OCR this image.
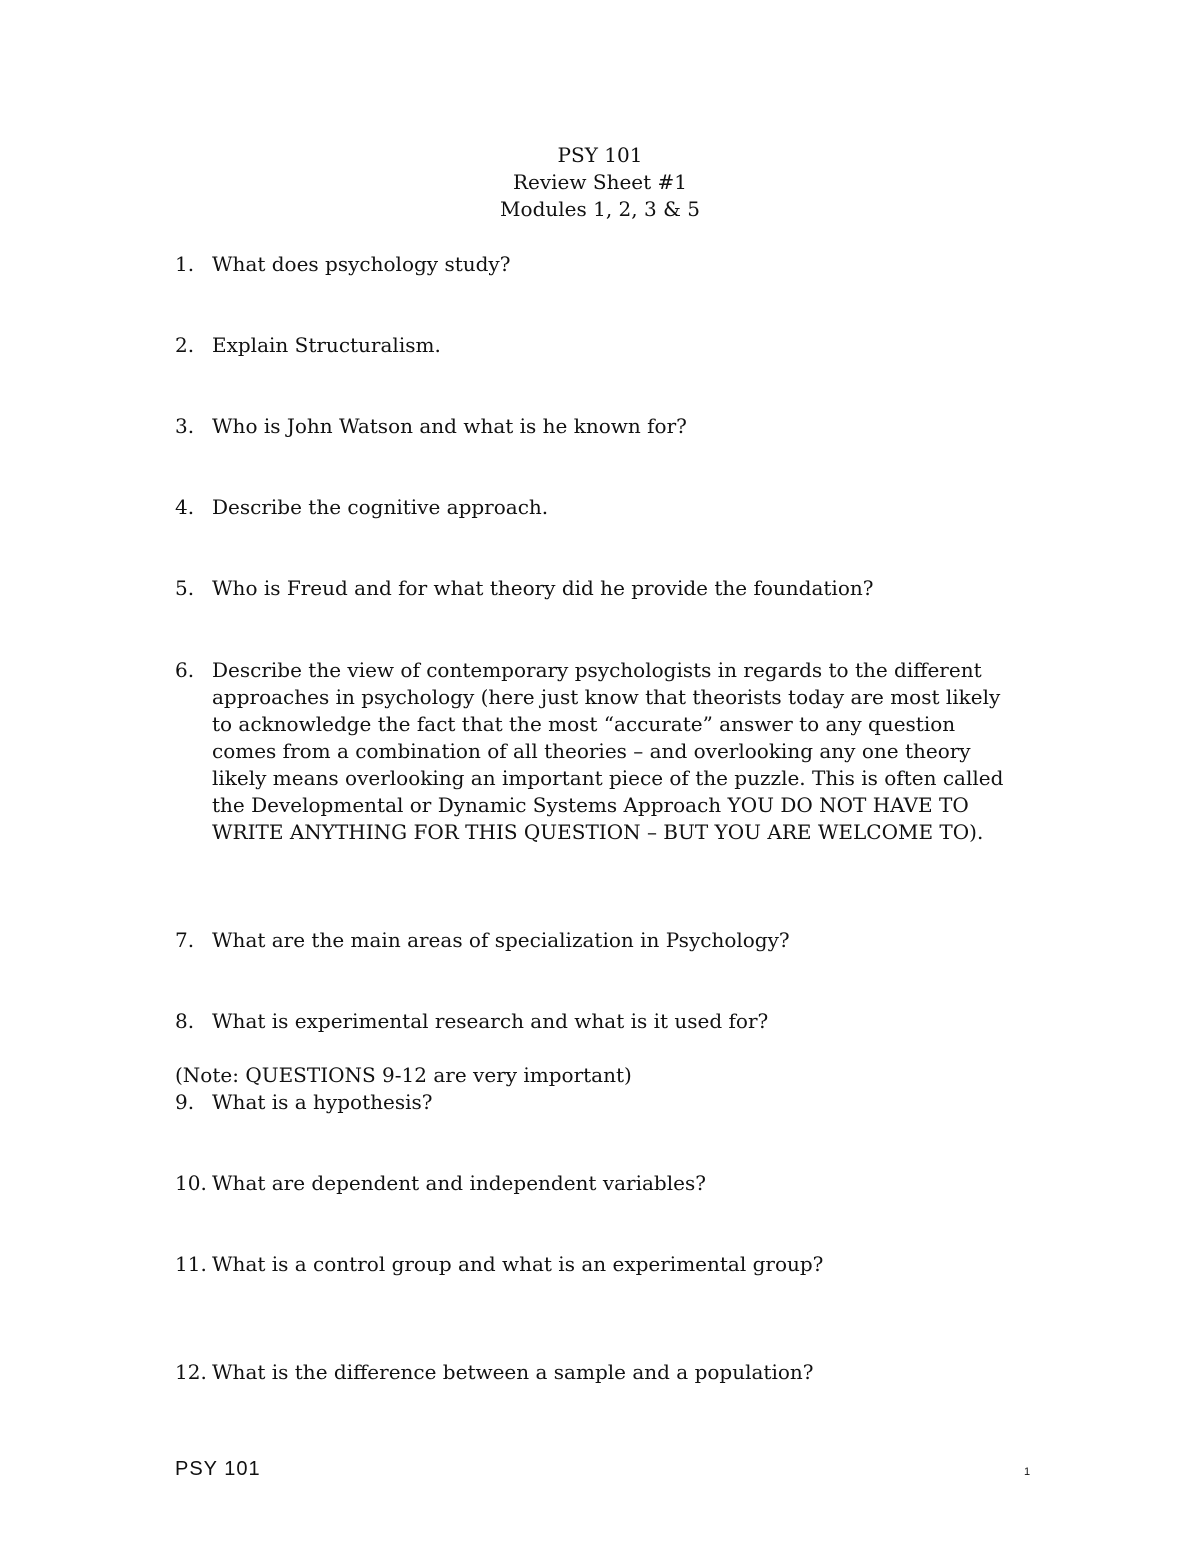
PSY 101
Review Sheet #1
Modules 1, 2, 3 & 5
1. What does psychology study?
2. Explain Structuralism.
3. Who is John Watson and what is he known for?
4. Describe the cognitive approach.
5. Who is Freud and for what theory did he provide the foundation?
6. Describe the view of contemporary psychologists in regards to the different approaches in psychology (here just know that theorists today are most likely to acknowledge the fact that the most “accurate” answer to any question comes from a combination of all theories – and overlooking any one theory likely means overlooking an important piece of the puzzle. This is often called the Developmental or Dynamic Systems Approach YOU DO NOT HAVE TO WRITE ANYTHING FOR THIS QUESTION – BUT YOU ARE WELCOME TO).
7. What are the main areas of specialization in Psychology?
8. What is experimental research and what is it used for?
(Note: QUESTIONS 9-12 are very important)
9. What is a hypothesis?
10. What are dependent and independent variables?
11. What is a control group and what is an experimental group?
12. What is the difference between a sample and a population?
PSY 101	1
